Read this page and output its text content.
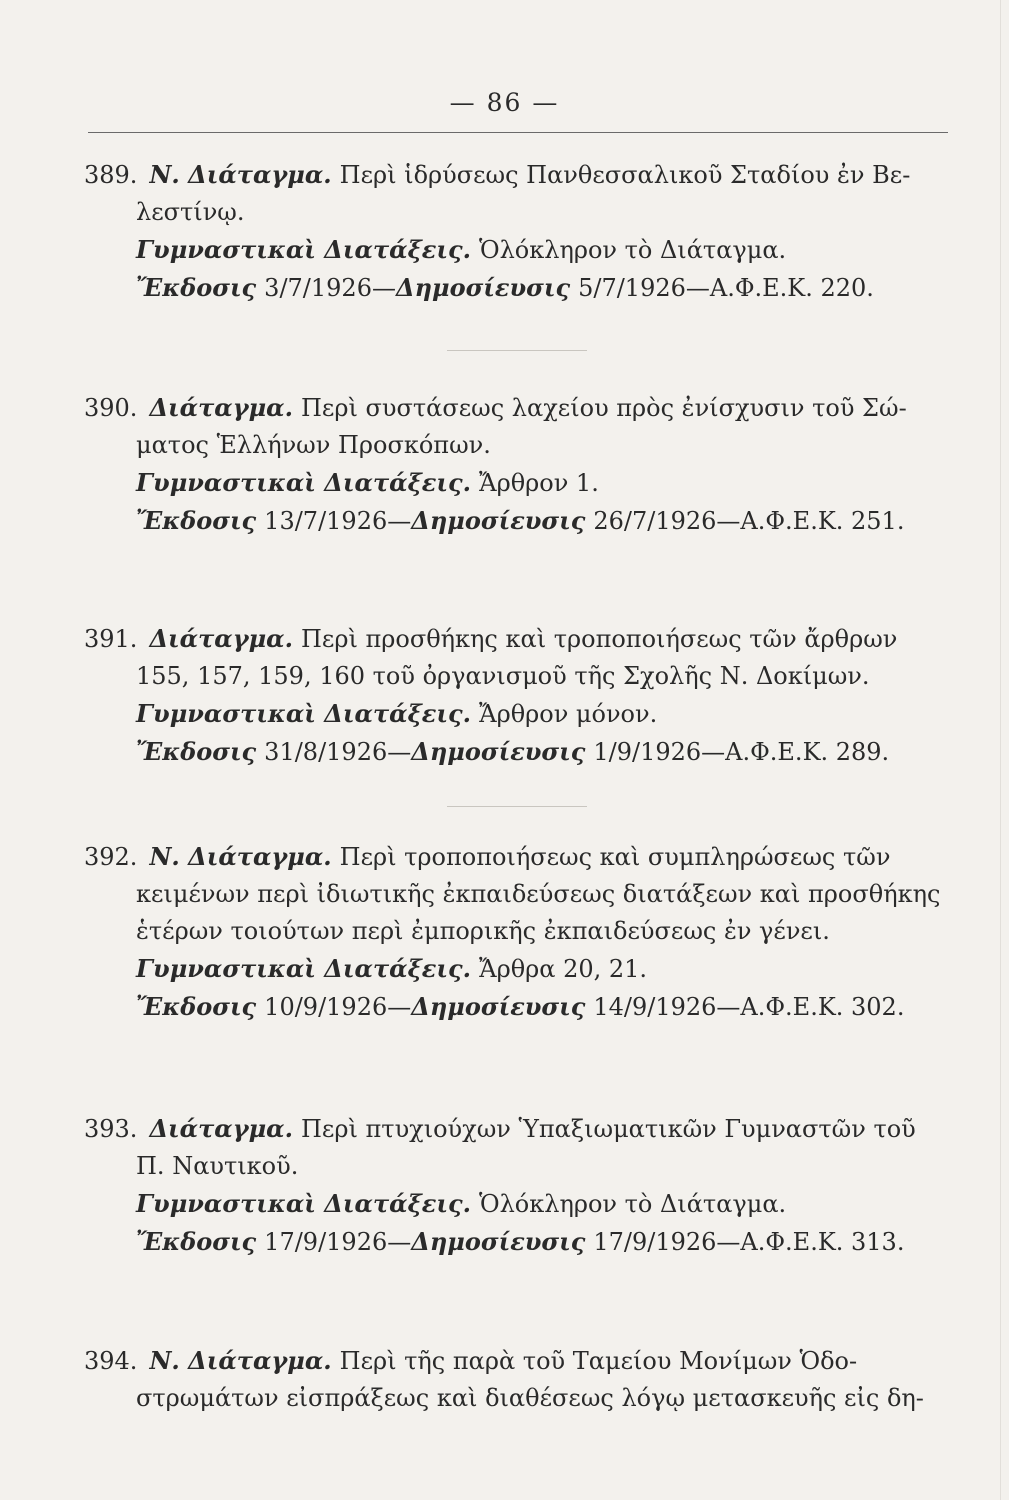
— 86 —
389. Ν. Διάταγμα. Περὶ ἱδρύσεως Πανθεσσαλικοῦ Σταδίου ἐν Βε-
λεστίνῳ.
Γυμναστικαὶ Διατάξεις. Ὁλόκληρον τὸ Διάταγμα.
Ἔκδοσις 3/7/1926—Δημοσίευσις 5/7/1926—Α.Φ.Ε.Κ. 220.
390. Διάταγμα. Περὶ συστάσεως λαχείου πρὸς ἐνίσχυσιν τοῦ Σώ-
ματος Ἑλλήνων Προσκόπων.
Γυμναστικαὶ Διατάξεις. Ἄρθρον 1.
Ἔκδοσις 13/7/1926—Δημοσίευσις 26/7/1926—Α.Φ.Ε.Κ. 251.
391. Διάταγμα. Περὶ προσθήκης καὶ τροποποιήσεως τῶν ἄρθρων
155, 157, 159, 160 τοῦ ὀργανισμοῦ τῆς Σχολῆς Ν. Δοκίμων.
Γυμναστικαὶ Διατάξεις. Ἄρθρον μόνον.
Ἔκδοσις 31/8/1926—Δημοσίευσις 1/9/1926—Α.Φ.Ε.Κ. 289.
392. Ν. Διάταγμα. Περὶ τροποποιήσεως καὶ συμπληρώσεως τῶν
κειμένων περὶ ἰδιωτικῆς ἐκπαιδεύσεως διατάξεων καὶ προσθήκης
ἑτέρων τοιούτων περὶ ἐμπορικῆς ἐκπαιδεύσεως ἐν γένει.
Γυμναστικαὶ Διατάξεις. Ἄρθρα 20, 21.
Ἔκδοσις 10/9/1926—Δημοσίευσις 14/9/1926—Α.Φ.Ε.Κ. 302.
393. Διάταγμα. Περὶ πτυχιούχων Ὑπαξιωματικῶν Γυμναστῶν τοῦ
Π. Ναυτικοῦ.
Γυμναστικαὶ Διατάξεις. Ὁλόκληρον τὸ Διάταγμα.
Ἔκδοσις 17/9/1926—Δημοσίευσις 17/9/1926—Α.Φ.Ε.Κ. 313.
394. Ν. Διάταγμα. Περὶ τῆς παρὰ τοῦ Ταμείου Μονίμων Ὁδο-
στρωμάτων εἰσπράξεως καὶ διαθέσεως λόγῳ μετασκευῆς εἰς δη-
